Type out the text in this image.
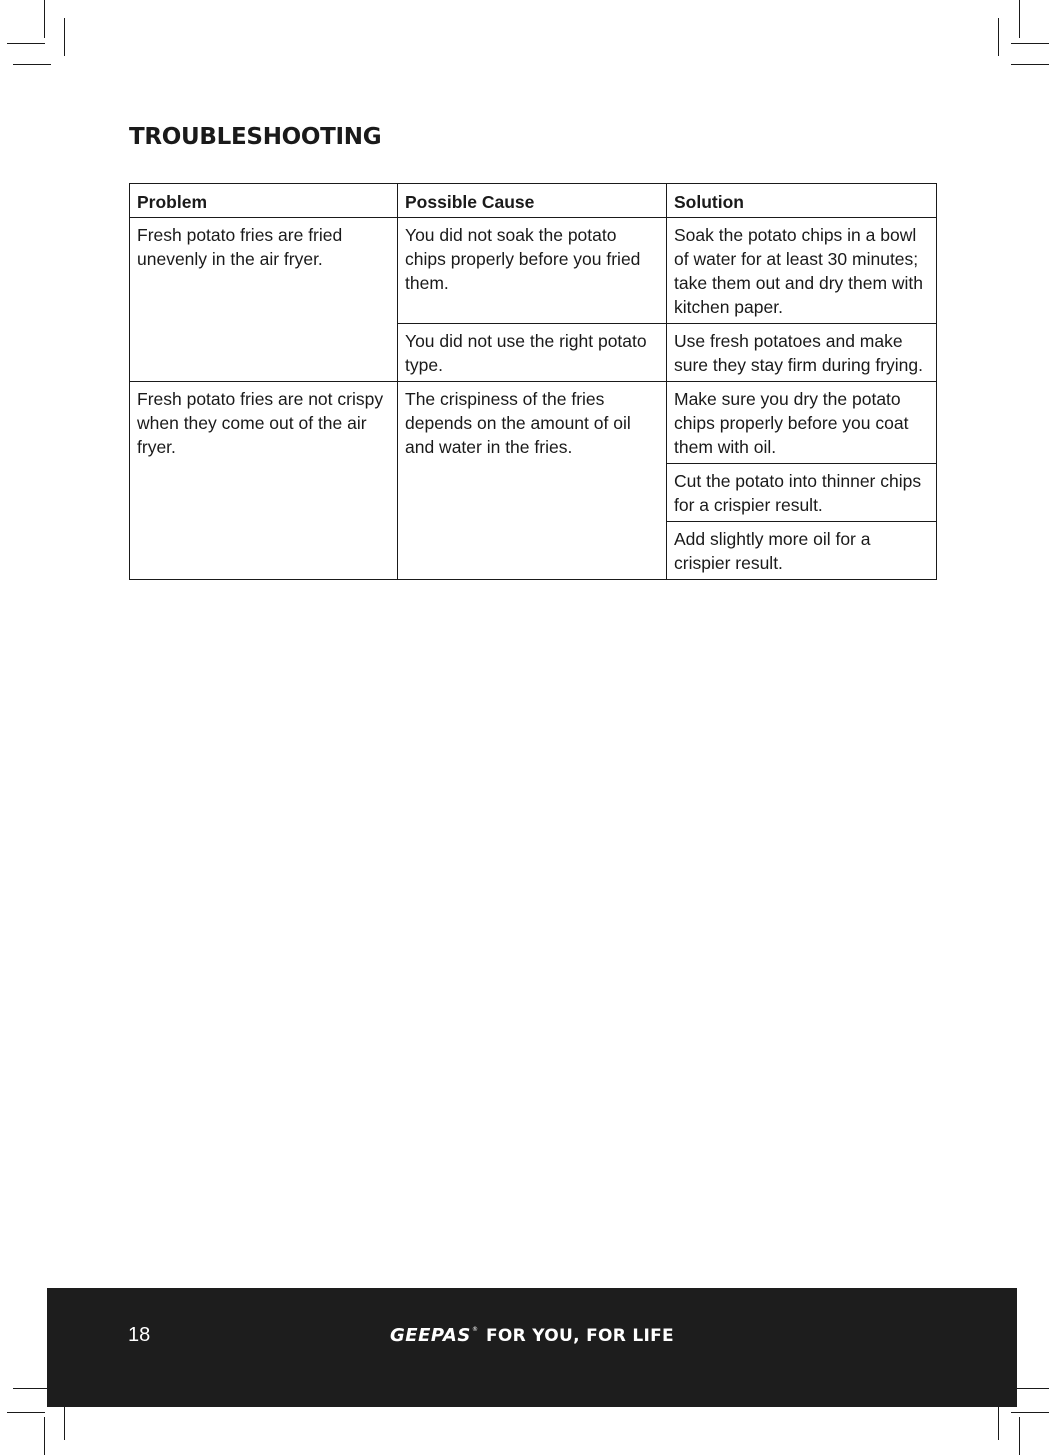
TROUBLESHOOTING
Problem	Possible Cause	Solution
Fresh potato fries are fried unevenly in the air fryer.	You did not soak the potato chips properly before you fried them.	Soak the potato chips in a bowl of water for at least 30 minutes; take them out and dry them with kitchen paper.
	You did not use the right potato type.	Use fresh potatoes and make sure they stay firm during frying.
Fresh potato fries are not crispy when they come out of the air fryer.	The crispiness of the fries depends on the amount of oil and water in the fries.	Make sure you dry the potato chips properly before you coat them with oil.
		Cut the potato into thinner chips for a crispier result.
		Add slightly more oil for a crispier result.
18	GEEPAS ® FOR YOU, FOR LIFE
